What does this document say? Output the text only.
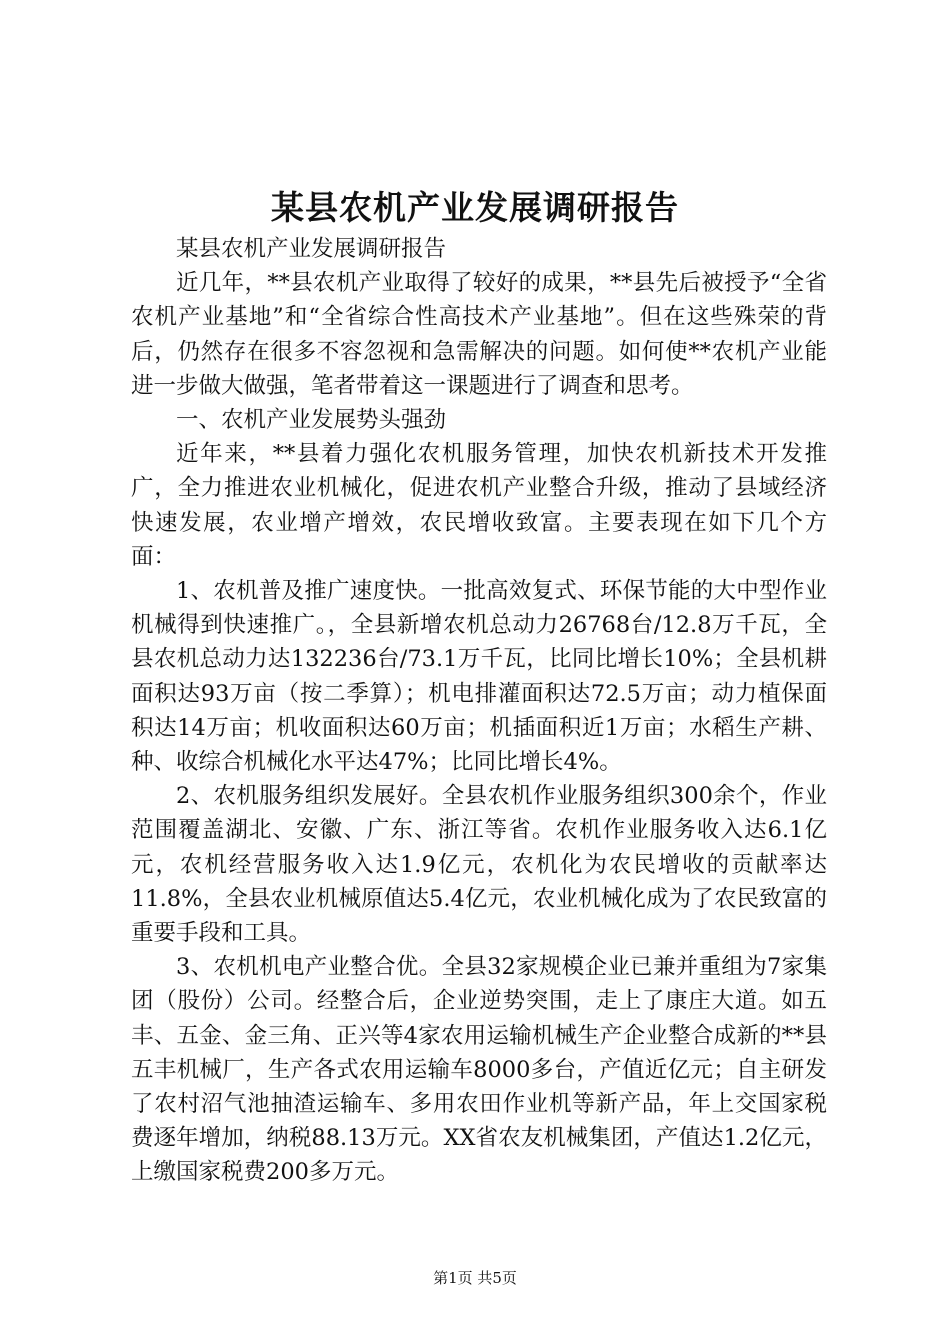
某县农机产业发展调研报告

某县农机产业发展调研报告

近几年，**县农机产业取得了较好的成果，**县先后被授予“全省农机产业基地”和“全省综合性高技术产业基地”。但在这些殊荣的背后，仍然存在很多不容忽视和急需解决的问题。如何使**农机产业能进一步做大做强，笔者带着这一课题进行了调查和思考。

一、农机产业发展势头强劲

近年来，**县着力强化农机服务管理，加快农机新技术开发推广，全力推进农业机械化，促进农机产业整合升级，推动了县域经济快速发展，农业增产增效，农民增收致富。主要表现在如下几个方面：

1、农机普及推广速度快。一批高效复式、环保节能的大中型作业机械得到快速推广。，全县新增农机总动力26768台/12.8万千瓦，全县农机总动力达132236台/73.1万千瓦，比同比增长10%；全县机耕面积达93万亩（按二季算）；机电排灌面积达72.5万亩；动力植保面积达14万亩；机收面积达60万亩；机插面积近1万亩；水稻生产耕、种、收综合机械化水平达47%；比同比增长4%。

2、农机服务组织发展好。全县农机作业服务组织300余个，作业范围覆盖湖北、安徽、广东、浙江等省。农机作业服务收入达6.1亿元，农机经营服务收入达1.9亿元，农机化为农民增收的贡献率达11.8%，全县农业机械原值达5.4亿元，农业机械化成为了农民致富的重要手段和工具。

3、农机机电产业整合优。全县32家规模企业已兼并重组为7家集团（股份）公司。经整合后，企业逆势突围，走上了康庄大道。如五丰、五金、金三角、正兴等4家农用运输机械生产企业整合成新的**县五丰机械厂，生产各式农用运输车8000多台，产值近亿元；自主研发了农村沼气池抽渣运输车、多用农田作业机等新产品，年上交国家税费逐年增加，纳税88.13万元。XX省农友机械集团，产值达1.2亿元，上缴国家税费200多万元。

第1页 共5页
